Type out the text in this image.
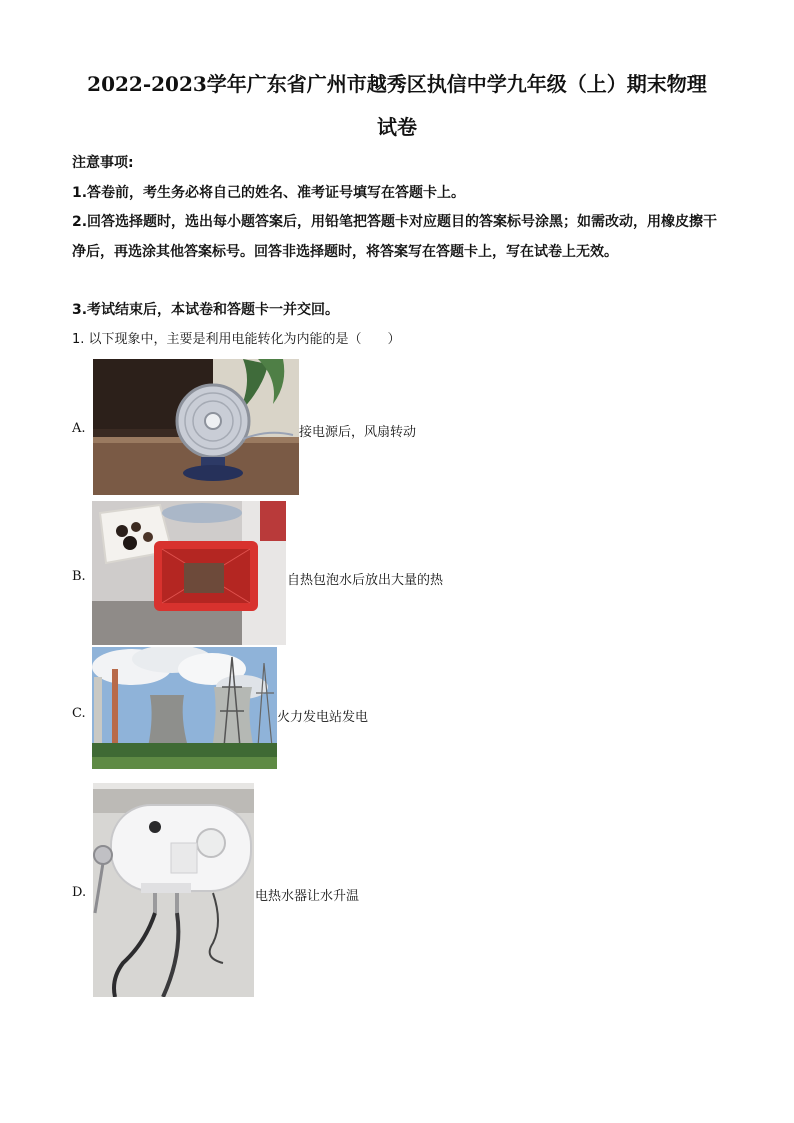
2022-2023学年广东省广州市越秀区执信中学九年级（上）期末物理
试卷
注意事项:
1.答卷前，考生务必将自己的姓名、准考证号填写在答题卡上。
2.回答选择题时，选出每小题答案后，用铅笔把答题卡对应题目的答案标号涂黑；如需改动，用橡皮擦干净后，再选涂其他答案标号。回答非选择题时，将答案写在答题卡上，写在试卷上无效。
3.考试结束后，本试卷和答题卡一并交回。
1. 以下现象中，主要是利用电能转化为内能的是（　　）
A.	接电源后，风扇转动
B.	自热包泡水后放出大量的热
C.	火力发电站发电
D.	电热水器让水升温
